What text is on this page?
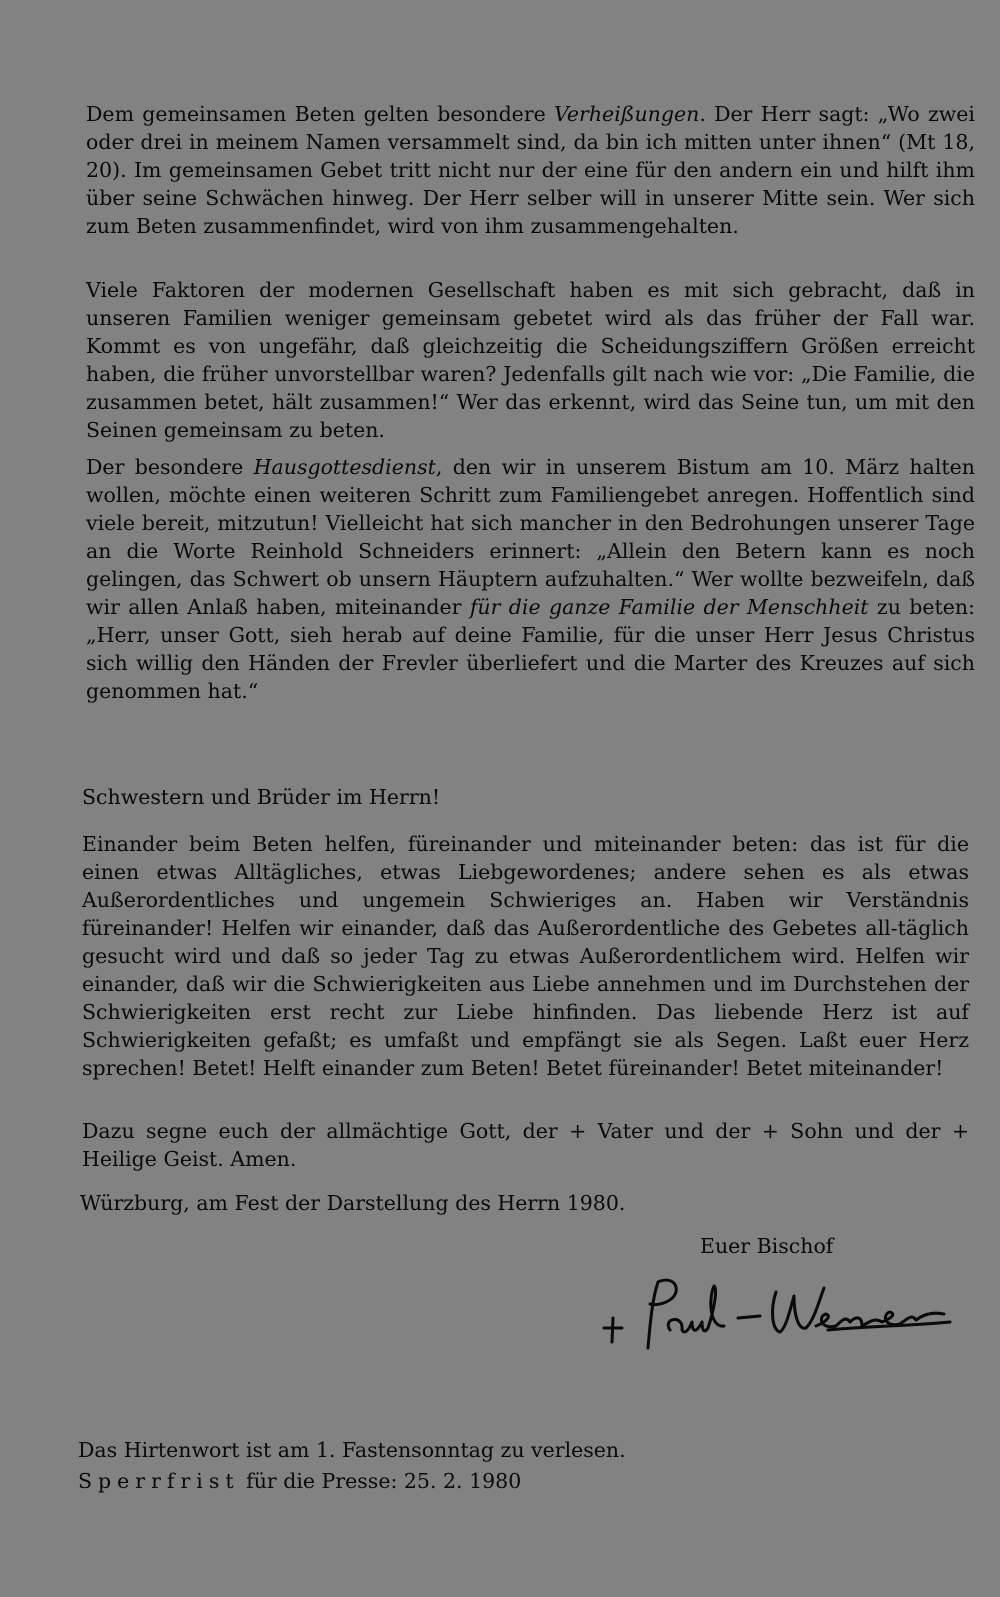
Dem gemeinsamen Beten gelten besondere Verheißungen. Der Herr sagt: „Wo zwei oder drei in meinem Namen versammelt sind, da bin ich mitten unter ihnen“ (Mt 18, 20). Im gemeinsamen Gebet tritt nicht nur der eine für den andern ein und hilft ihm über seine Schwächen hinweg. Der Herr selber will in unserer Mitte sein. Wer sich zum Beten zusammenfindet, wird von ihm zusammengehalten.

Viele Faktoren der modernen Gesellschaft haben es mit sich gebracht, daß in unseren Familien weniger gemeinsam gebetet wird als das früher der Fall war. Kommt es von ungefähr, daß gleichzeitig die Scheidungsziffern Größen erreicht haben, die früher unvorstellbar waren? Jedenfalls gilt nach wie vor: „Die Familie, die zusammen betet, hält zusammen!“ Wer das erkennt, wird das Seine tun, um mit den Seinen gemeinsam zu beten.

Der besondere Hausgottesdienst, den wir in unserem Bistum am 10. März halten wollen, möchte einen weiteren Schritt zum Familiengebet anregen. Hoffentlich sind viele bereit, mitzutun! Vielleicht hat sich mancher in den Bedrohungen unserer Tage an die Worte Reinhold Schneiders erinnert: „Allein den Betern kann es noch gelingen, das Schwert ob unsern Häuptern aufzuhalten.“ Wer wollte bezweifeln, daß wir allen Anlaß haben, miteinander für die ganze Familie der Menschheit zu beten: „Herr, unser Gott, sieh herab auf deine Familie, für die unser Herr Jesus Christus sich willig den Händen der Frevler überliefert und die Marter des Kreuzes auf sich genommen hat.“

Schwestern und Brüder im Herrn!

Einander beim Beten helfen, füreinander und miteinander beten: das ist für die einen etwas Alltägliches, etwas Liebgewordenes; andere sehen es als etwas Außerordentliches und ungemein Schwieriges an. Haben wir Verständnis füreinander! Helfen wir einander, daß das Außerordentliche des Gebetes all-täglich gesucht wird und daß so jeder Tag zu etwas Außerordentlichem wird. Helfen wir einander, daß wir die Schwierigkeiten aus Liebe annehmen und im Durchstehen der Schwierigkeiten erst recht zur Liebe hinfinden. Das liebende Herz ist auf Schwierigkeiten gefaßt; es umfaßt und empfängt sie als Segen. Laßt euer Herz sprechen! Betet! Helft einander zum Beten! Betet füreinander! Betet miteinander!

Dazu segne euch der allmächtige Gott, der + Vater und der + Sohn und der + Heilige Geist. Amen.

Würzburg, am Fest der Darstellung des Herrn 1980.

Euer Bischof

Das Hirtenwort ist am 1. Fastensonntag zu verlesen.

Sperrfrist für die Presse: 25. 2. 1980
